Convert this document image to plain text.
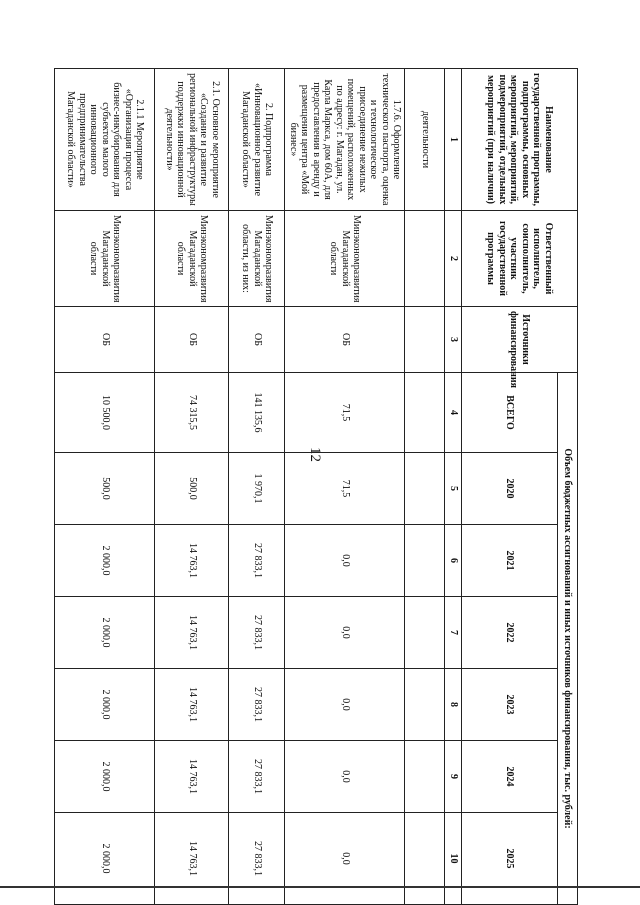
12
Наименование государственной программы, подпрограммы, основных мероприятий, мероприятий, подмероприятий, отдельных мероприятий (при наличии)	Ответственный исполнитель, соисполнитель, участник государственной программы	Источники финансирования	Объем бюджетных ассигнований и иных источников финансирования, тыс. рублей:						
			ВСЕГО	2020	2021	2022	2023	2024	2025
1	2	3	4	5	6	7	8	9	10
деятельности									
1.7.6. Оформление технического паспорта, оценка и технологическое присоединение нежилых помещений, расположенных по адресу: г. Магадан, ул. Карла Маркса, дом 60А, для предоставления в аренду и размещения центра «Мой бизнес»	Минэкономразвития Магаданской области	ОБ	71,5	71,5	0,0	0,0	0,0	0,0	0,0
2. Подпрограмма «Инновационное развитие Магаданской области»	Минэкономразвития Магаданской области, из них:	ОБ	141 135,6	1 970,1	27 833,1	27 833,1	27 833,1	27 833,1	27 833,1
2.1. Основное мероприятие «Создание и развитие региональной инфраструктуры поддержки инновационной деятельности»	Минэкономразвития Магаданской области	ОБ	74 315,5	500,0	14 763,1	14 763,1	14 763,1	14 763,1	14 763,1
2.1.1 Мероприятие «Организация процесса бизнес-инкубирования для субъектов малого инновационного предпринимательства Магаданской области»	Минэкономразвития Магаданской области	ОБ	10 500,0	500,0	2 000,0	2 000,0	2 000,0	2 000,0	2 000,0
